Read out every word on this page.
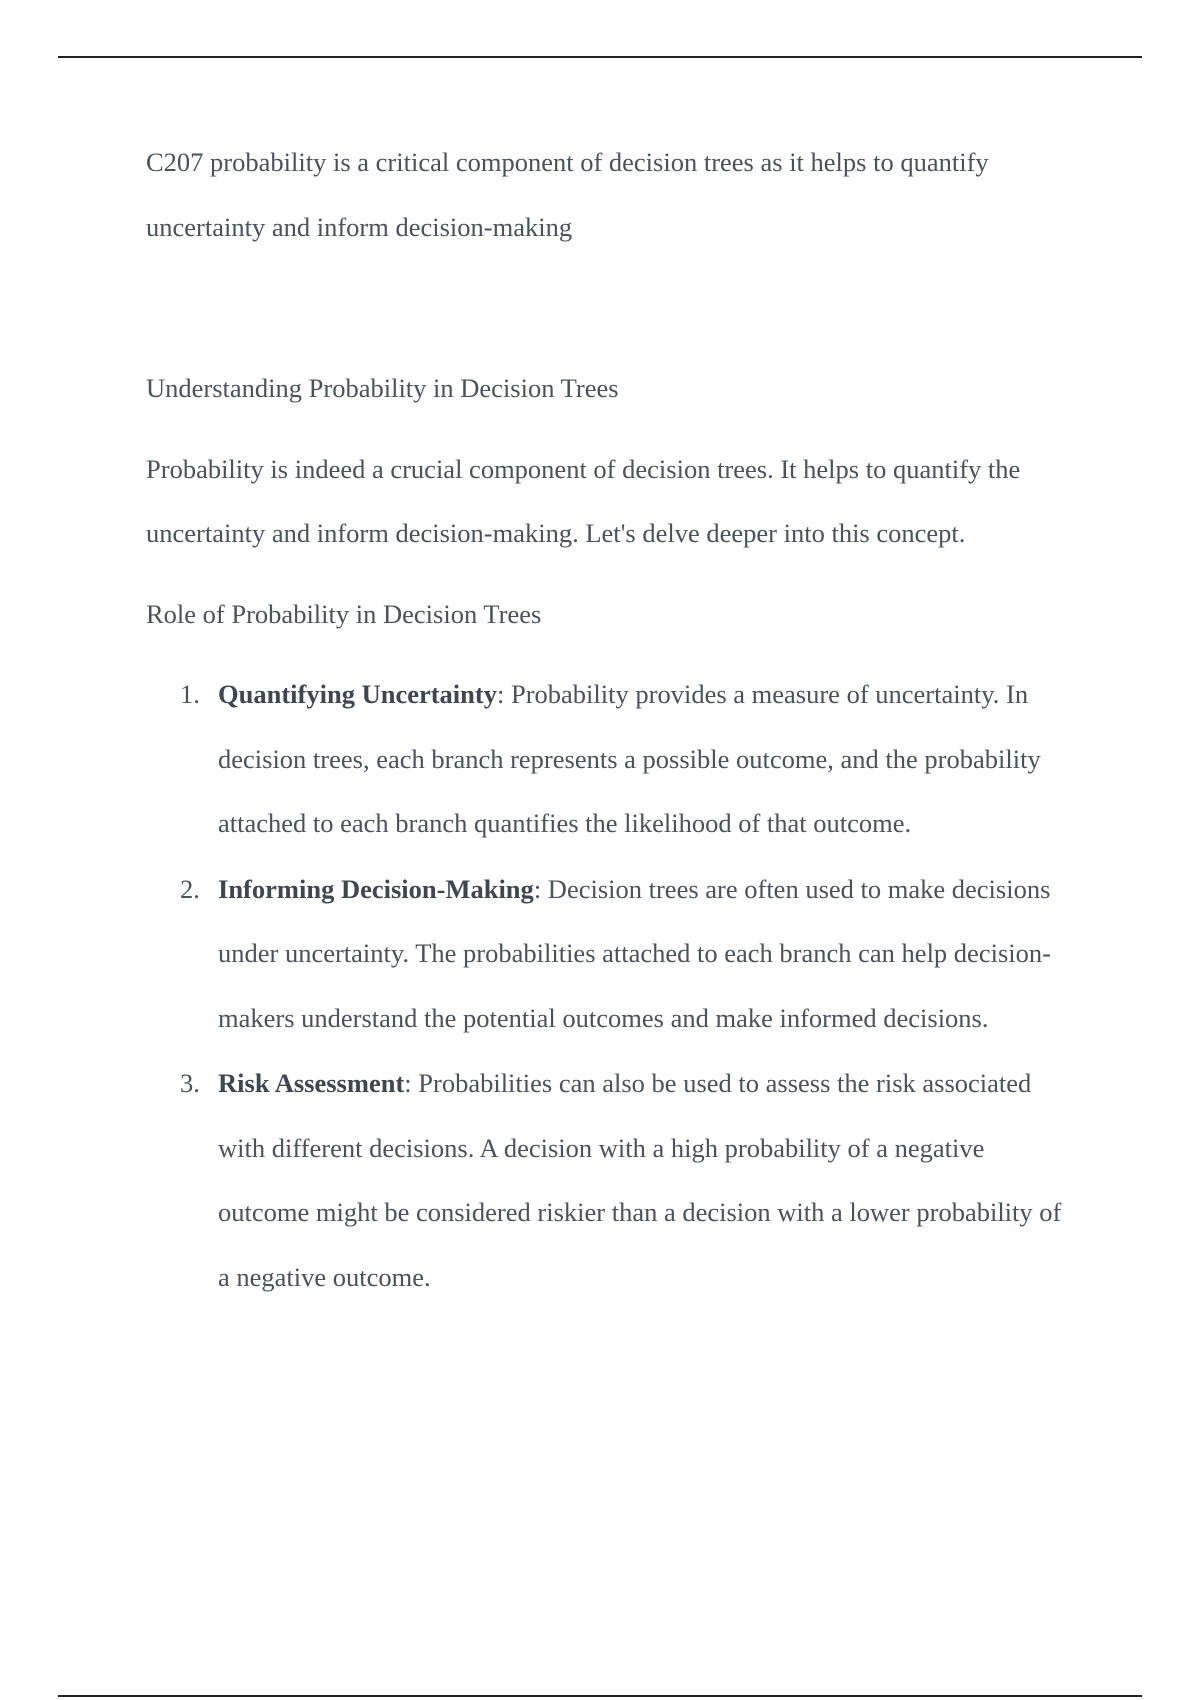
C207 probability is a critical component of decision trees as it helps to quantify uncertainty and inform decision-making

Understanding Probability in Decision Trees

Probability is indeed a crucial component of decision trees. It helps to quantify the uncertainty and inform decision-making. Let's delve deeper into this concept.

Role of Probability in Decision Trees

1. Quantifying Uncertainty: Probability provides a measure of uncertainty. In decision trees, each branch represents a possible outcome, and the probability attached to each branch quantifies the likelihood of that outcome.
2. Informing Decision-Making: Decision trees are often used to make decisions under uncertainty. The probabilities attached to each branch can help decision-makers understand the potential outcomes and make informed decisions.
3. Risk Assessment: Probabilities can also be used to assess the risk associated with different decisions. A decision with a high probability of a negative outcome might be considered riskier than a decision with a lower probability of a negative outcome.
